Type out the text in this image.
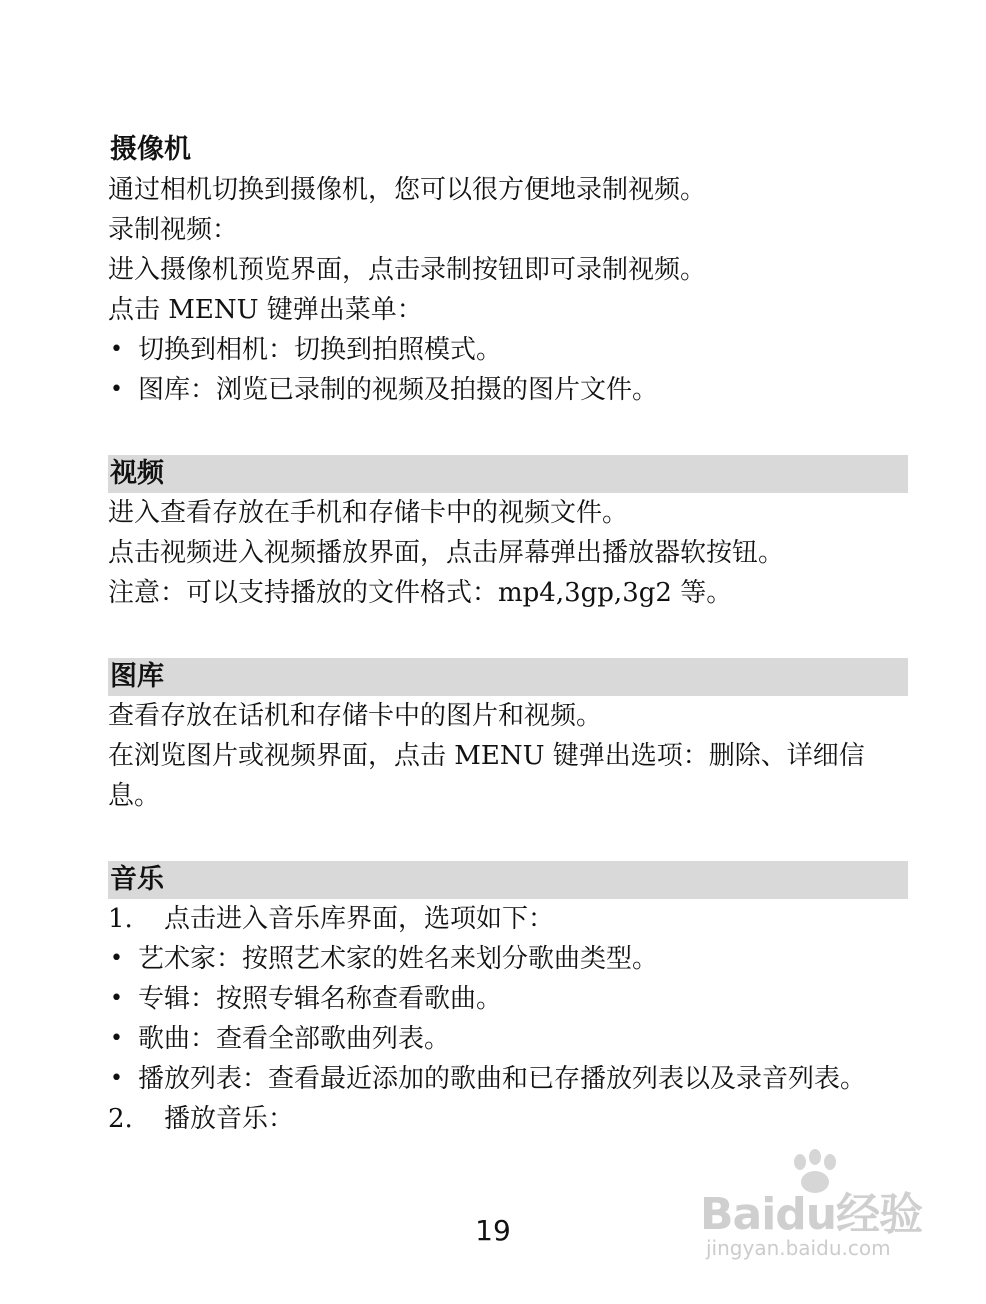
摄像机

通过相机切换到摄像机，您可以很方便地录制视频。

录制视频：

进入摄像机预览界面，点击录制按钮即可录制视频。

点击 MENU 键弹出菜单：

• 切换到相机：切换到拍照模式。

• 图库：浏览已录制的视频及拍摄的图片文件。

视频

进入查看存放在手机和存储卡中的视频文件。

点击视频进入视频播放界面，点击屏幕弹出播放器软按钮。

注意：可以支持播放的文件格式：mp4,3gp,3g2 等。

图库

查看存放在话机和存储卡中的图片和视频。

在浏览图片或视频界面，点击 MENU 键弹出选项：删除、详细信息。

音乐

1. 点击进入音乐库界面，选项如下：

• 艺术家：按照艺术家的姓名来划分歌曲类型。

• 专辑：按照专辑名称查看歌曲。

• 歌曲：查看全部歌曲列表。

• 播放列表：查看最近添加的歌曲和已存播放列表以及录音列表。

2. 播放音乐：

19	Baidu经验
jingyan.baidu.com
